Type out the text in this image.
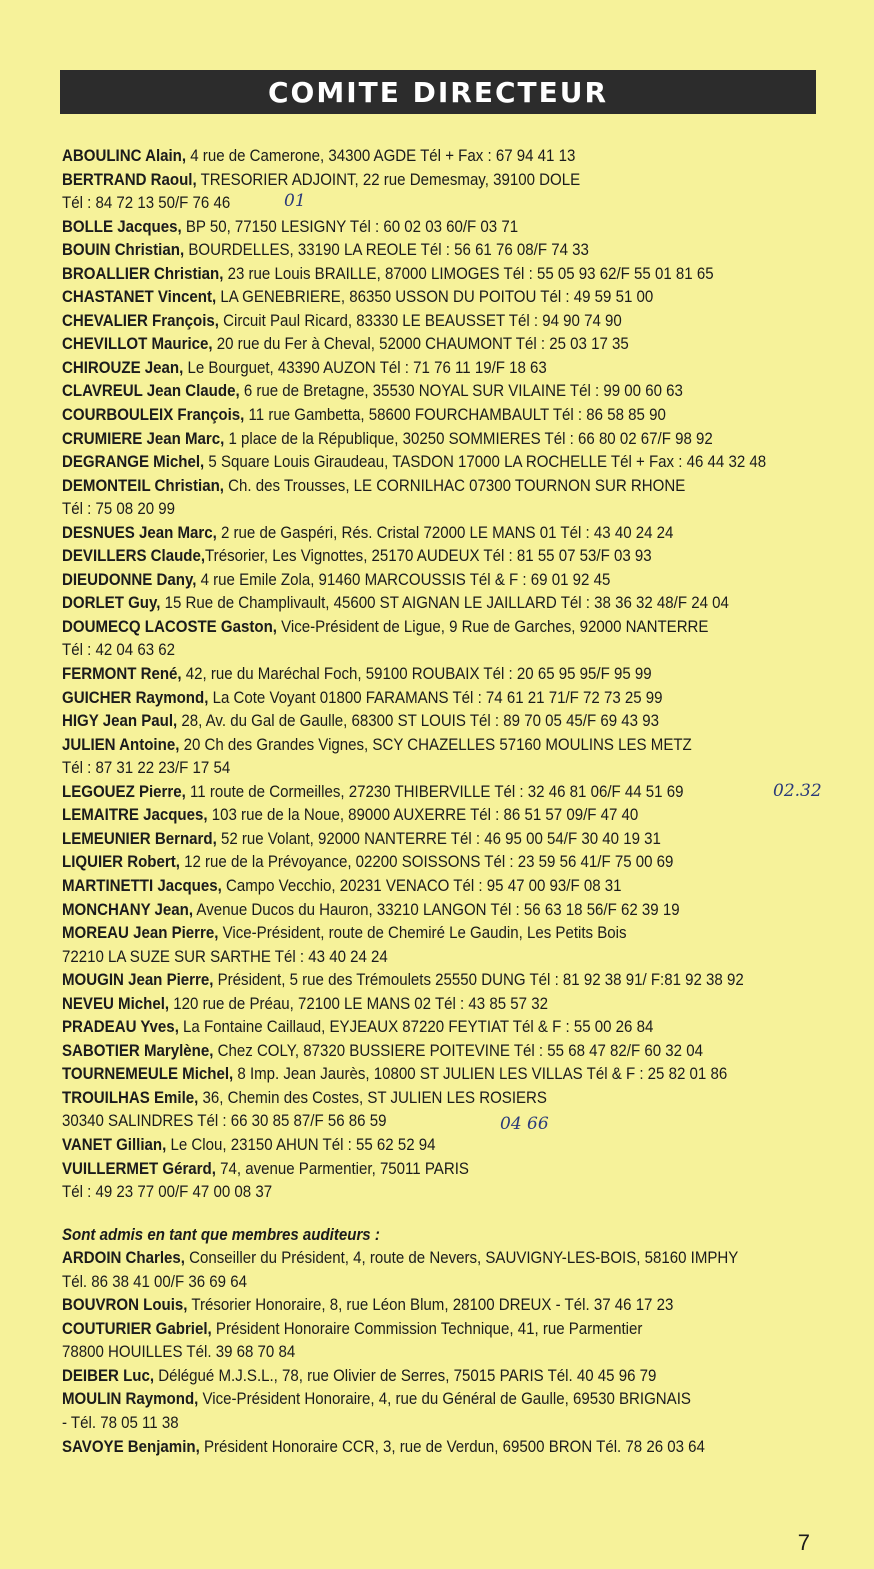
COMITE DIRECTEUR
ABOULINC Alain, 4 rue de Camerone, 34300 AGDE Tél + Fax : 67 94 41 13
BERTRAND Raoul, TRESORIER ADJOINT, 22 rue Demesmay, 39100 DOLE
Tél : 84 72 13 50/F 76 46
BOLLE Jacques, BP 50, 77150 LESIGNY Tél : 60 02 03 60/F 03 71
BOUIN Christian, BOURDELLES, 33190 LA REOLE Tél : 56 61 76 08/F 74 33
BROALLIER Christian, 23 rue Louis BRAILLE, 87000 LIMOGES Tél : 55 05 93 62/F 55 01 81 65
CHASTANET Vincent, LA GENEBRIERE, 86350 USSON DU POITOU Tél : 49 59 51 00
CHEVALIER François, Circuit Paul Ricard, 83330 LE BEAUSSET Tél : 94 90 74 90
CHEVILLOT Maurice, 20 rue du Fer à Cheval, 52000 CHAUMONT Tél : 25 03 17 35
CHIROUZE Jean, Le Bourguet, 43390 AUZON Tél : 71 76 11 19/F 18 63
CLAVREUL Jean Claude, 6 rue de Bretagne, 35530 NOYAL SUR VILAINE Tél : 99 00 60 63
COURBOULEIX François, 11 rue Gambetta, 58600 FOURCHAMBAULT Tél : 86 58 85 90
CRUMIERE Jean Marc, 1 place de la République, 30250 SOMMIERES Tél : 66 80 02 67/F 98 92
DEGRANGE Michel, 5 Square Louis Giraudeau, TASDON 17000 LA ROCHELLE Tél + Fax : 46 44 32 48
DEMONTEIL Christian, Ch. des Trousses, LE CORNILHAC 07300 TOURNON SUR RHONE
Tél : 75 08 20 99
DESNUES Jean Marc, 2 rue de Gaspéri, Rés. Cristal 72000 LE MANS 01 Tél : 43 40 24 24
DEVILLERS Claude,Trésorier, Les Vignottes, 25170 AUDEUX Tél : 81 55 07 53/F 03 93
DIEUDONNE Dany, 4 rue Emile Zola, 91460 MARCOUSSIS Tél & F : 69 01 92 45
DORLET Guy, 15 Rue de Champlivault, 45600 ST AIGNAN LE JAILLARD Tél : 38 36 32 48/F 24 04
DOUMECQ LACOSTE Gaston, Vice-Président de Ligue, 9 Rue de Garches, 92000 NANTERRE
Tél : 42 04 63 62
FERMONT René, 42, rue du Maréchal Foch, 59100 ROUBAIX Tél : 20 65 95 95/F 95 99
GUICHER Raymond, La Cote Voyant 01800 FARAMANS Tél : 74 61 21 71/F 72 73 25 99
HIGY Jean Paul, 28, Av. du Gal de Gaulle, 68300 ST LOUIS Tél : 89 70 05 45/F 69 43 93
JULIEN Antoine, 20 Ch des Grandes Vignes, SCY CHAZELLES 57160 MOULINS LES METZ
Tél : 87 31 22 23/F 17 54
LEGOUEZ Pierre, 11 route de Cormeilles, 27230 THIBERVILLE Tél : 32 46 81 06/F 44 51 69
LEMAITRE Jacques, 103 rue de la Noue, 89000 AUXERRE Tél : 86 51 57 09/F 47 40
LEMEUNIER Bernard, 52 rue Volant, 92000 NANTERRE Tél : 46 95 00 54/F 30 40 19 31
LIQUIER Robert, 12 rue de la Prévoyance, 02200 SOISSONS Tél : 23 59 56 41/F 75 00 69
MARTINETTI Jacques, Campo Vecchio, 20231 VENACO Tél : 95 47 00 93/F 08 31
MONCHANY Jean, Avenue Ducos du Hauron, 33210 LANGON Tél : 56 63 18 56/F 62 39 19
MOREAU Jean Pierre, Vice-Président, route de Chemiré Le Gaudin, Les Petits Bois
72210 LA SUZE SUR SARTHE Tél : 43 40 24 24
MOUGIN Jean Pierre, Président, 5 rue des Trémoulets 25550 DUNG Tél : 81 92 38 91/ F:81 92 38 92
NEVEU Michel, 120 rue de Préau, 72100 LE MANS 02 Tél : 43 85 57 32
PRADEAU Yves, La Fontaine Caillaud, EYJEAUX 87220 FEYTIAT Tél & F : 55 00 26 84
SABOTIER Marylène, Chez COLY, 87320 BUSSIERE POITEVINE Tél : 55 68 47 82/F 60 32 04
TOURNEMEULE Michel, 8 Imp. Jean Jaurès, 10800 ST JULIEN LES VILLAS Tél & F : 25 82 01 86
TROUILHAS Emile, 36, Chemin des Costes, ST JULIEN LES ROSIERS
30340 SALINDRES Tél : 66 30 85 87/F 56 86 59
VANET Gillian, Le Clou, 23150 AHUN Tél : 55 62 52 94
VUILLERMET Gérard, 74, avenue Parmentier, 75011 PARIS
Tél : 49 23 77 00/F 47 00 08 37
Sont admis en tant que membres auditeurs :
ARDOIN Charles, Conseiller du Président, 4, route de Nevers, SAUVIGNY-LES-BOIS, 58160 IMPHY
Tél. 86 38 41 00/F 36 69 64
BOUVRON Louis, Trésorier Honoraire, 8, rue Léon Blum, 28100 DREUX - Tél. 37 46 17 23
COUTURIER Gabriel, Président Honoraire Commission Technique, 41, rue Parmentier
78800 HOUILLES Tél. 39 68 70 84
DEIBER Luc, Délégué M.J.S.L., 78, rue Olivier de Serres, 75015 PARIS Tél. 40 45 96 79
MOULIN Raymond, Vice-Président Honoraire, 4, rue du Général de Gaulle, 69530 BRIGNAIS
- Tél. 78 05 11 38
SAVOYE Benjamin, Président Honoraire CCR, 3, rue de Verdun, 69500 BRON Tél. 78 26 03 64
01
02.32
04 66
7
